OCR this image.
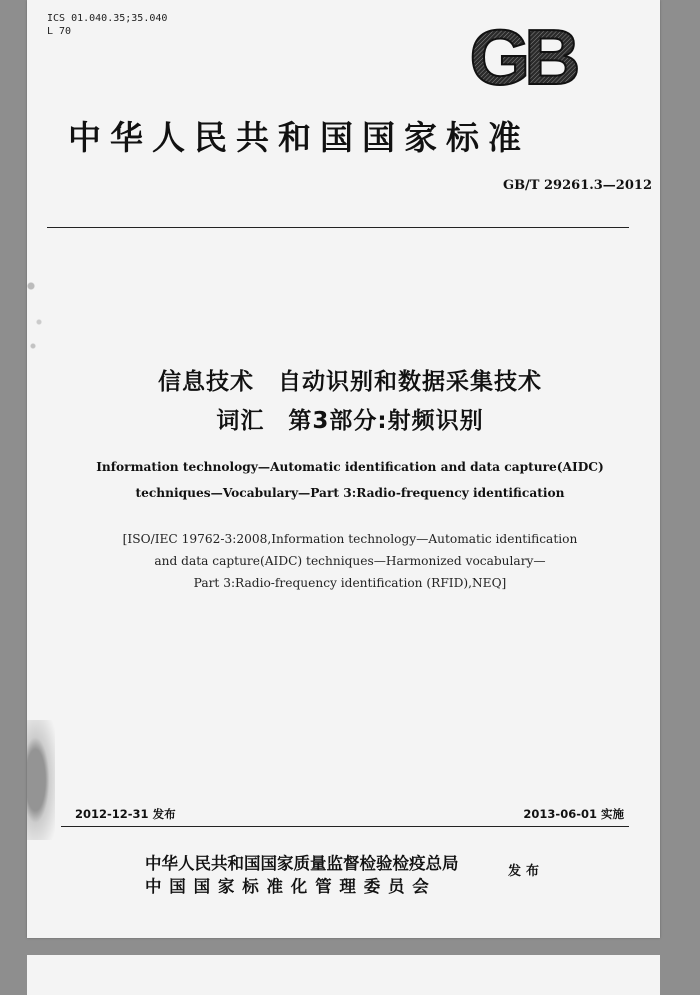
ICS 01.040.35;35.040
L 70	GB
中华人民共和国国家标准
GB/T 29261.3—2012
信息技术　自动识别和数据采集技术
词汇　第3部分:射频识别
Information technology—Automatic identification and data capture(AIDC)
techniques—Vocabulary—Part 3:Radio-frequency identification
[ISO/IEC 19762-3:2008,Information technology—Automatic identification
and data capture(AIDC) techniques—Harmonized vocabulary—
Part 3:Radio-frequency identification (RFID),NEQ]
2012-12-31 发布	2013-06-01 实施
中华人民共和国国家质量监督检验检疫总局
中国国家标准化管理委员会
发布
